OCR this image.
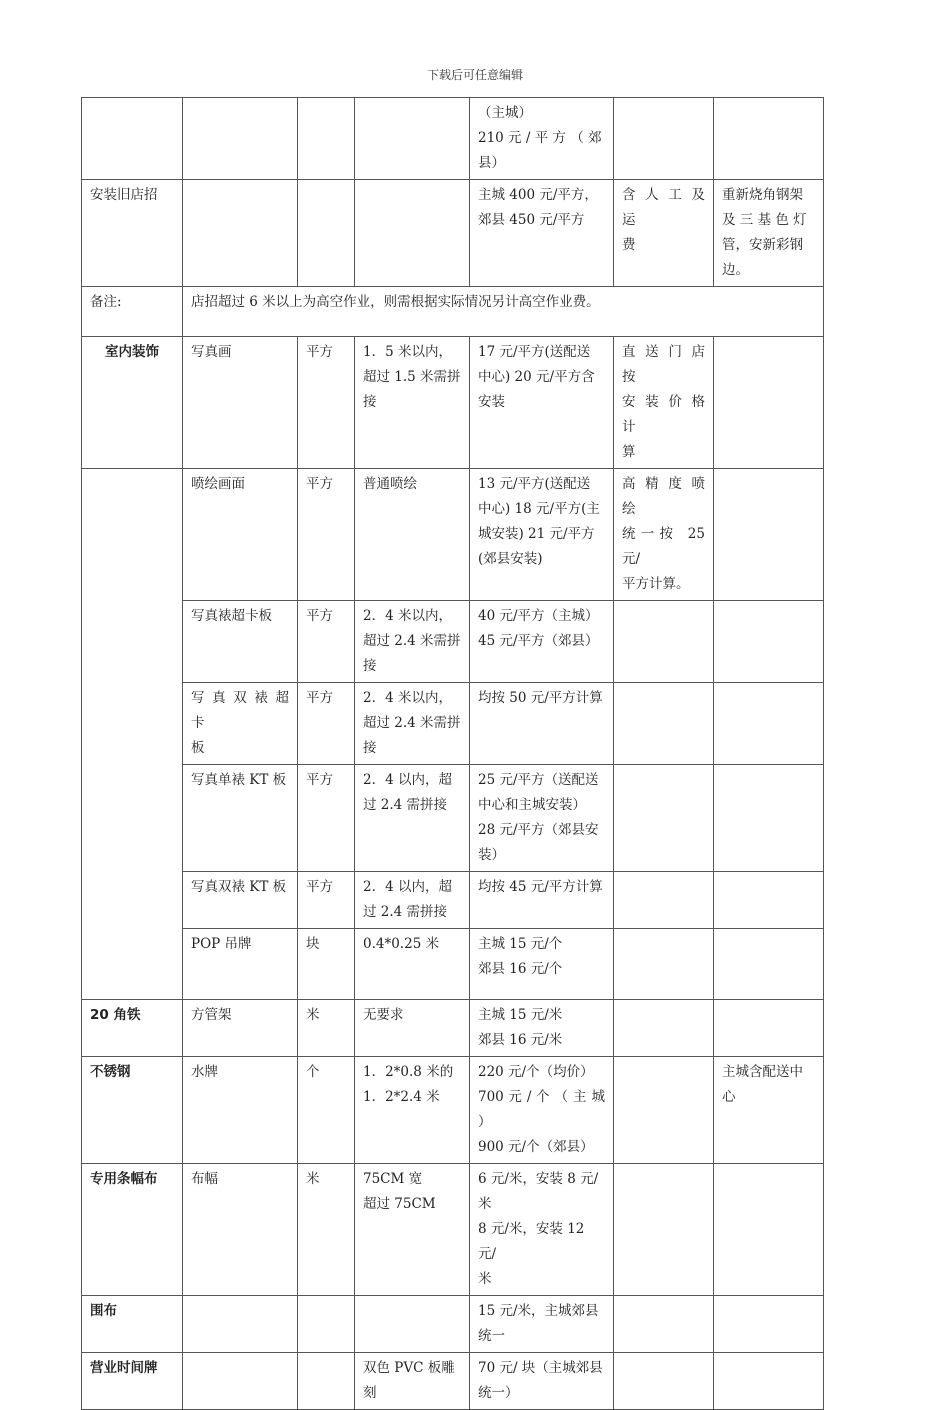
下载后可任意编辑

				（主城）
210 元 / 平 方 （ 郊
县）		

安装旧店招				主城 400 元/平方，
郊县 450 元/平方	含 人 工 及 运
费	重新烧角钢架
及 三 基 色 灯
管，安新彩钢
边。

备注:	店招超过 6 米以上为高空作业，则需根据实际情况另计高空作业费。					
室内装饰	写真画	平方	1．5 米以内，
超过 1.5 米需拼
接	17 元/平方(送配送
中心) 20 元/平方含
安装	直 送 门 店 按
安 装 价 格 计
算	

	喷绘画面	平方	普通喷绘	13 元/平方(送配送
中心) 18 元/平方(主
城安装) 21 元/平方
(郊县安装)	高 精 度 喷 绘
统一按 25 元/
平方计算。	

	写真裱超卡板	平方	2．4 米以内，
超过 2.4 米需拼
接	40 元/平方（主城）
45 元/平方（郊县）		

	写 真 双 裱 超 卡
板	平方	2．4 米以内，
超过 2.4 米需拼
接	均按 50 元/平方计算		
	写真单裱 KT 板	平方	2．4 以内，超
过 2.4 需拼接	25 元/平方（送配送
中心和主城安装）
28 元/平方（郊县安
装）		

	写真双裱 KT 板	平方	2．4 以内，超
过 2.4 需拼接	均按 45 元/平方计算		
	POP 吊牌	块	0.4*0.25 米	主城 15 元/个
郊县 16 元/个		

20 角铁	方管架	米	无要求	主城 15 元/米
郊县 16 元/米		

不锈钢	水牌	个	1．2*0.8 米的
1．2*2.4 米	220 元/个（均价）
700 元 / 个 （ 主 城 ）
900 元/个（郊县）		主城含配送中
心

专用条幅布	布幅	米	75CM 宽
超过 75CM	6 元/米，安装 8 元/
米
8 元/米，安装 12 元/
米		

围布				15 元/米，主城郊县
统一		

营业时间牌			双色 PVC 板雕
刻	70 元/ 块（主城郊县
统一）		
